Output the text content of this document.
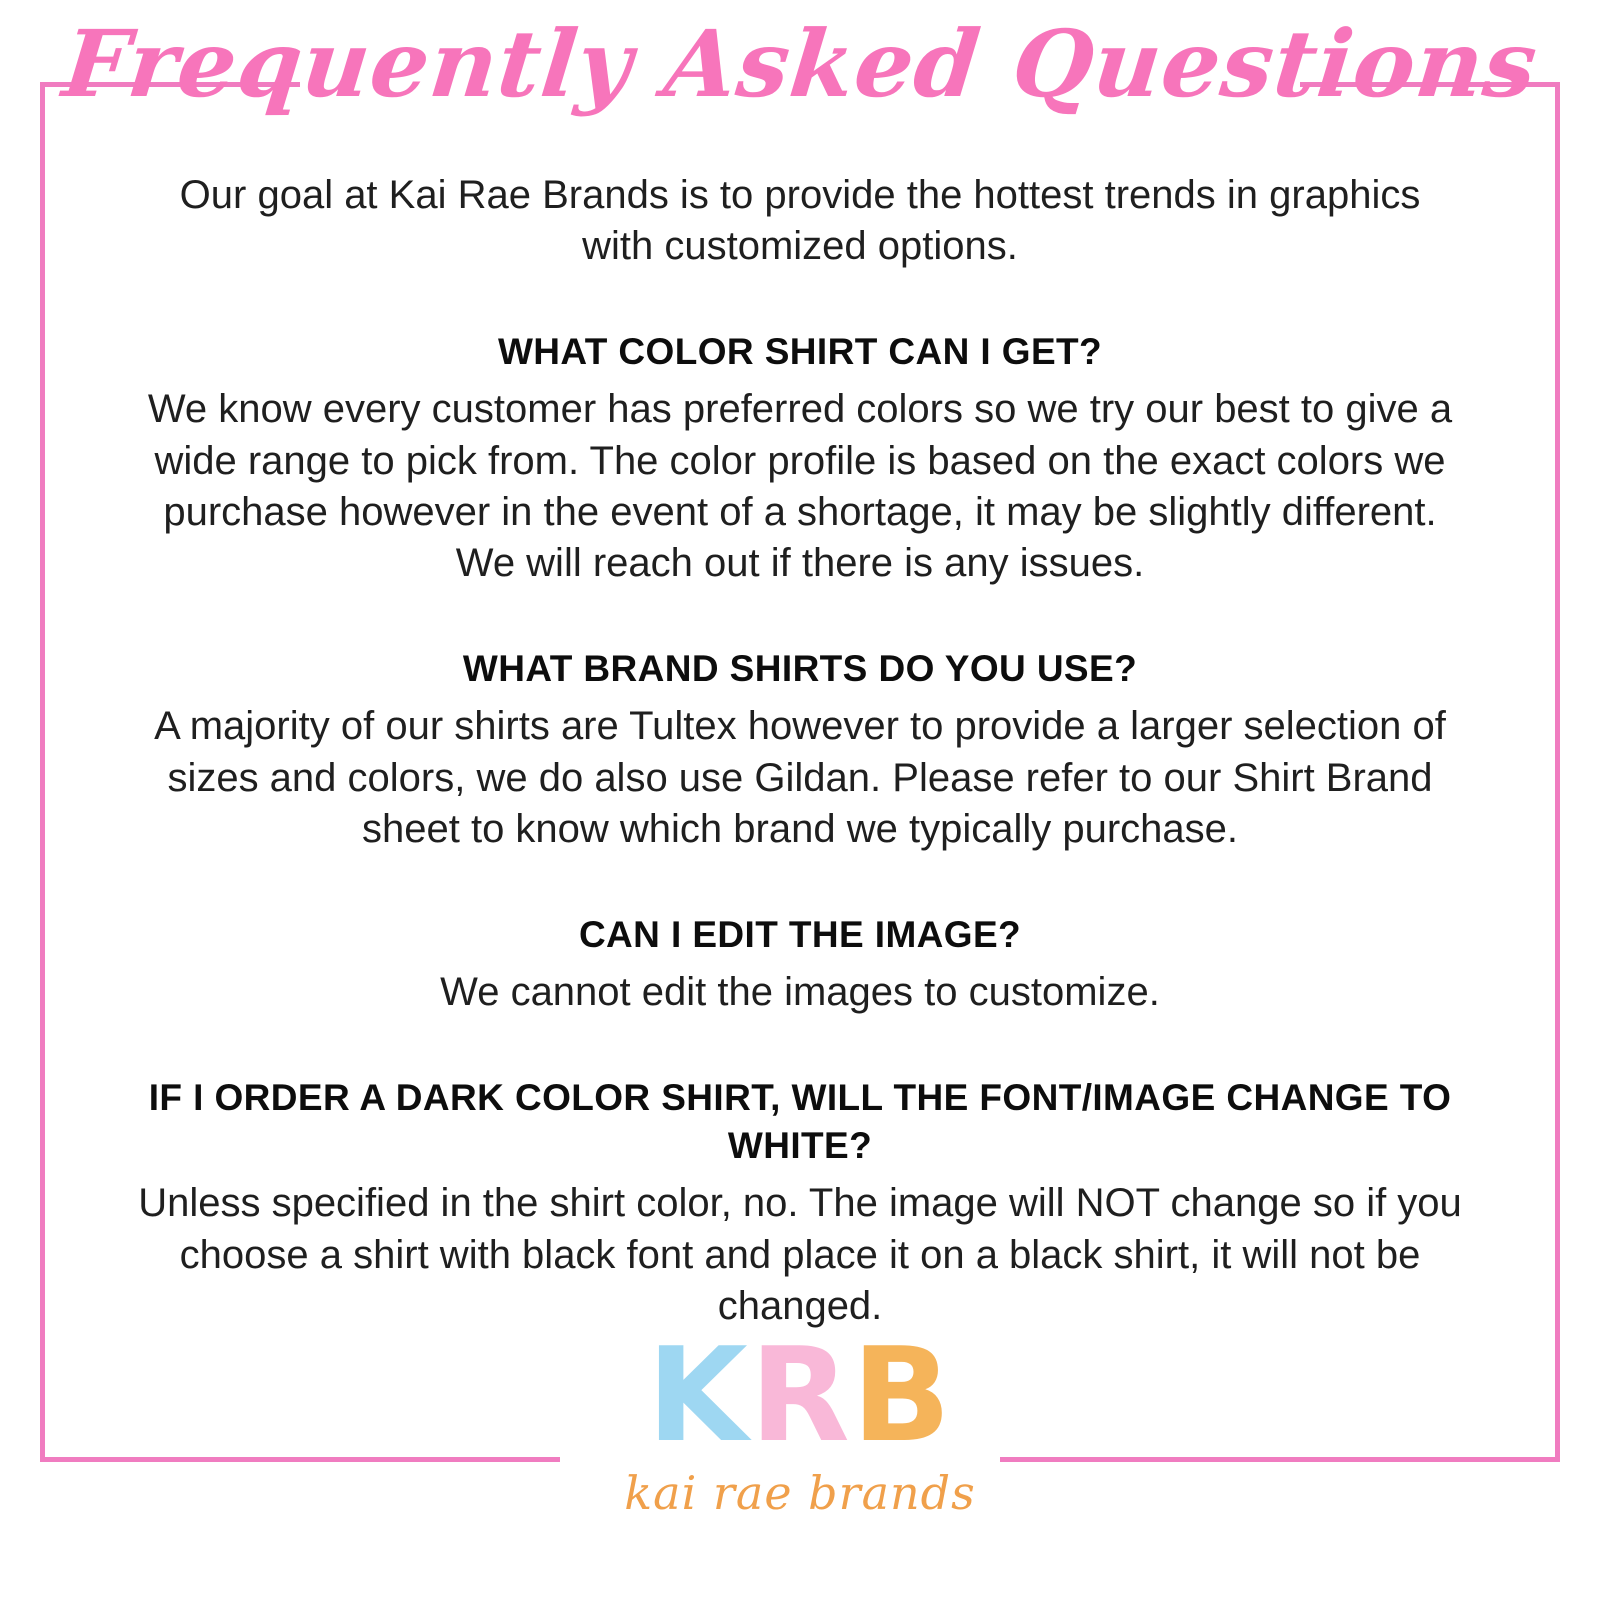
Frequently Asked Questions

Our goal at Kai Rae Brands is to provide the hottest trends in graphics with customized options.

WHAT COLOR SHIRT CAN I GET?

We know every customer has preferred colors so we try our best to give a wide range to pick from. The color profile is based on the exact colors we purchase however in the event of a shortage, it may be slightly different. We will reach out if there is any issues.

WHAT BRAND SHIRTS DO YOU USE?

A majority of our shirts are Tultex however to provide a larger selection of sizes and colors, we do also use Gildan. Please refer to our Shirt Brand sheet to know which brand we typically purchase.

CAN I EDIT THE IMAGE?

We cannot edit the images to customize.

IF I ORDER A DARK COLOR SHIRT, WILL THE FONT/IMAGE CHANGE TO WHITE?

Unless specified in the shirt color, no. The image will NOT change so if you choose a shirt with black font and place it on a black shirt, it will not be changed.

KRB
kai rae brands
